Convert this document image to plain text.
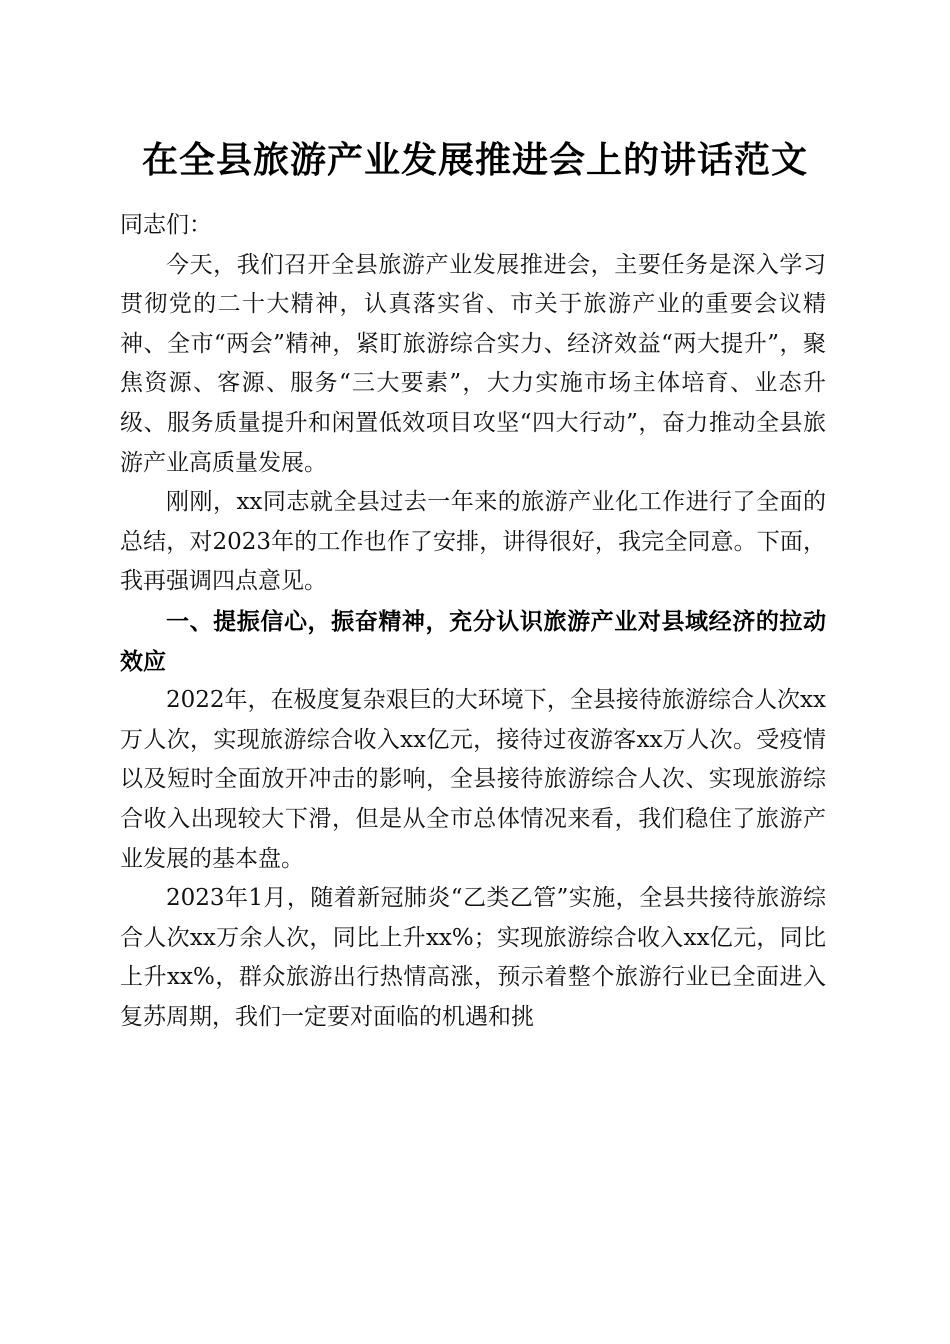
在全县旅游产业发展推进会上的讲话范文

同志们：

今天，我们召开全县旅游产业发展推进会，主要任务是深入学习贯彻党的二十大精神，认真落实省、市关于旅游产业的重要会议精神、全市“两会”精神，紧盯旅游综合实力、经济效益“两大提升”，聚焦资源、客源、服务“三大要素”，大力实施市场主体培育、业态升级、服务质量提升和闲置低效项目攻坚“四大行动”，奋力推动全县旅游产业高质量发展。

刚刚，xx同志就全县过去一年来的旅游产业化工作进行了全面的总结，对2023年的工作也作了安排，讲得很好，我完全同意。下面，我再强调四点意见。

一、提振信心，振奋精神，充分认识旅游产业对县域经济的拉动效应

2022年，在极度复杂艰巨的大环境下，全县接待旅游综合人次xx万人次，实现旅游综合收入xx亿元，接待过夜游客xx万人次。受疫情以及短时全面放开冲击的影响，全县接待旅游综合人次、实现旅游综合收入出现较大下滑，但是从全市总体情况来看，我们稳住了旅游产业发展的基本盘。

2023年1月，随着新冠肺炎“乙类乙管”实施，全县共接待旅游综合人次xx万余人次，同比上升xx%；实现旅游综合收入xx亿元，同比上升xx%，群众旅游出行热情高涨，预示着整个旅游行业已全面进入复苏周期，我们一定要对面临的机遇和挑
